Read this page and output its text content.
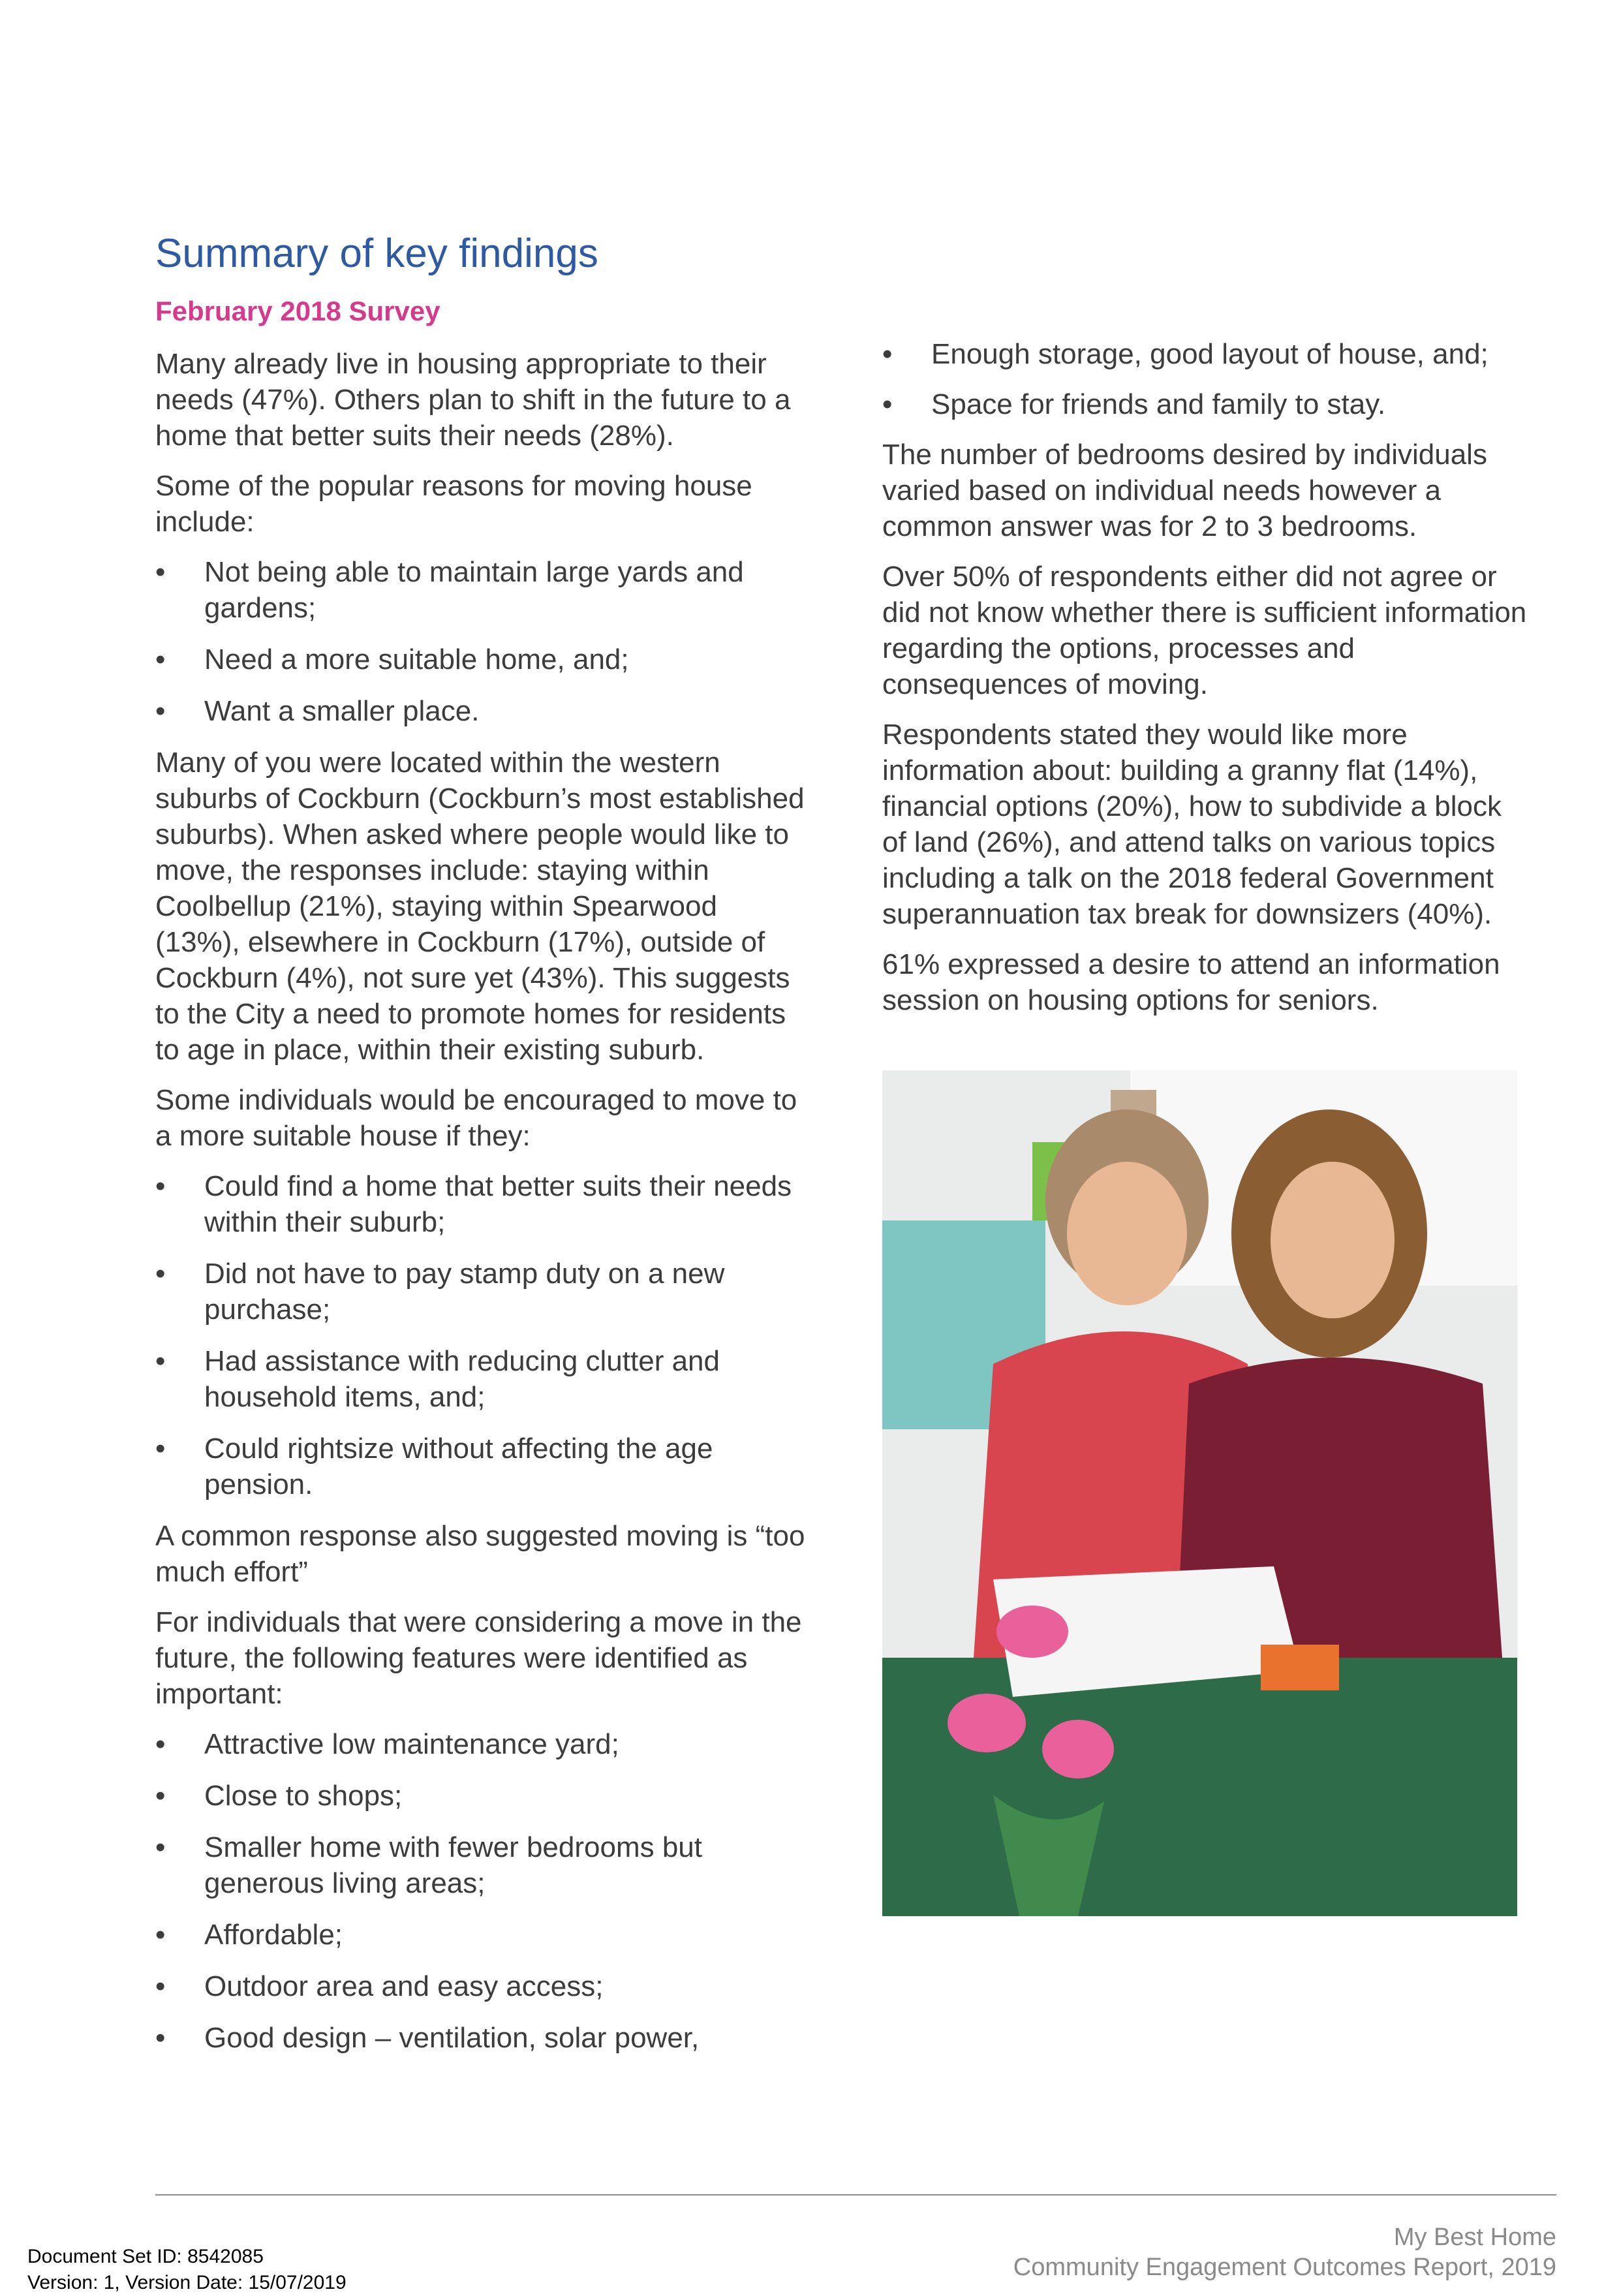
Summary of key findings
February 2018 Survey

Many already live in housing appropriate to their needs (47%). Others plan to shift in the future to a home that better suits their needs (28%).

Some of the popular reasons for moving house include:

• Not being able to maintain large yards and gardens;
• Need a more suitable home, and;
• Want a smaller place.

Many of you were located within the western suburbs of Cockburn (Cockburn’s most established suburbs). When asked where people would like to move, the responses include: staying within Coolbellup (21%), staying within Spearwood (13%), elsewhere in Cockburn (17%), outside of Cockburn (4%), not sure yet (43%). This suggests to the City a need to promote homes for residents to age in place, within their existing suburb.

Some individuals would be encouraged to move to a more suitable house if they:

• Could find a home that better suits their needs within their suburb;
• Did not have to pay stamp duty on a new purchase;
• Had assistance with reducing clutter and household items, and;
• Could rightsize without affecting the age pension.

A common response also suggested moving is “too much effort”

For individuals that were considering a move in the future, the following features were identified as important:

• Attractive low maintenance yard;
• Close to shops;
• Smaller home with fewer bedrooms but generous living areas;
• Affordable;
• Outdoor area and easy access;
• Good design – ventilation, solar power,
• Enough storage, good layout of house, and;
• Space for friends and family to stay.

The number of bedrooms desired by individuals varied based on individual needs however a common answer was for 2 to 3 bedrooms.

Over 50% of respondents either did not agree or did not know whether there is sufficient information regarding the options, processes and consequences of moving.

Respondents stated they would like more information about: building a granny flat (14%), financial options (20%), how to subdivide a block of land (26%), and attend talks on various topics including a talk on the 2018 federal Government superannuation tax break for downsizers (40%).

61% expressed a desire to attend an information session on housing options for seniors.

My Best Home
Community Engagement Outcomes Report, 2019
Document Set ID: 8542085
Version: 1, Version Date: 15/07/2019
